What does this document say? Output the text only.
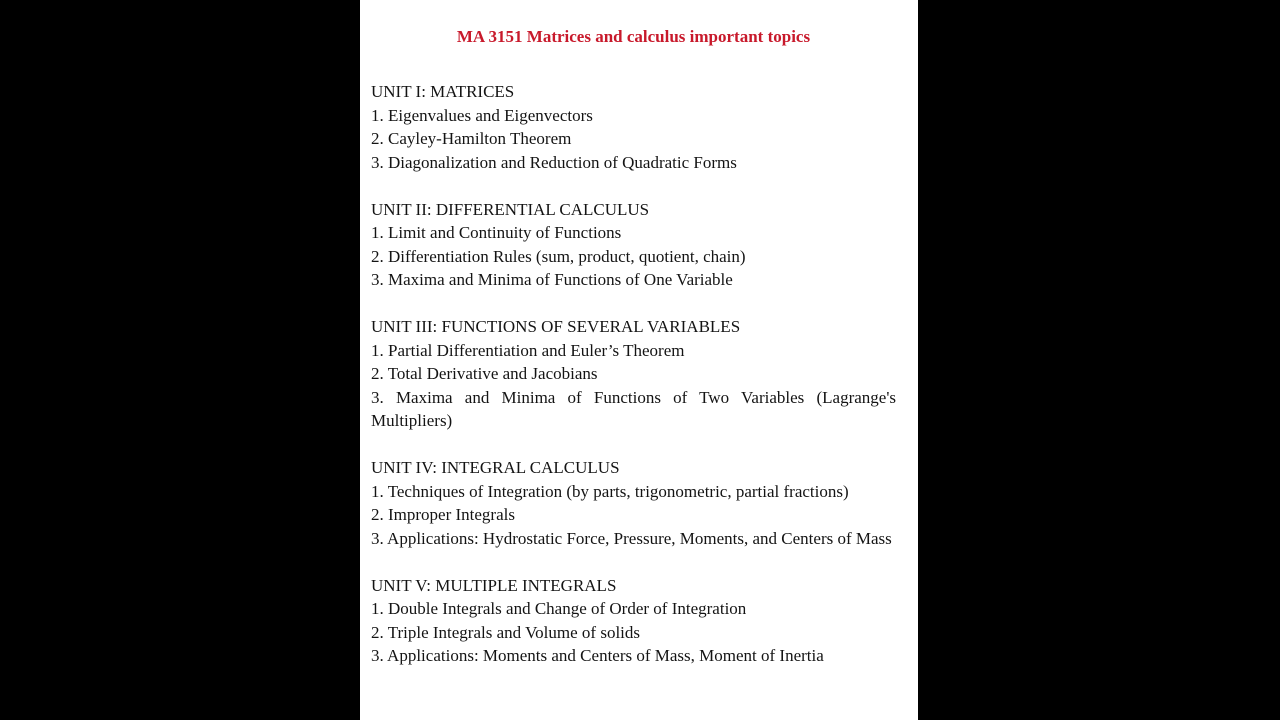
MA 3151 Matrices and calculus important topics
UNIT I: MATRICES
1. Eigenvalues and Eigenvectors
2. Cayley-Hamilton Theorem
3. Diagonalization and Reduction of Quadratic Forms
UNIT II: DIFFERENTIAL CALCULUS
1. Limit and Continuity of Functions
2. Differentiation Rules (sum, product, quotient, chain)
3. Maxima and Minima of Functions of One Variable
UNIT III: FUNCTIONS OF SEVERAL VARIABLES
1. Partial Differentiation and Euler’s Theorem
2. Total Derivative and Jacobians
3. Maxima and Minima of Functions of Two Variables (Lagrange's Multipliers)
UNIT IV: INTEGRAL CALCULUS
1. Techniques of Integration (by parts, trigonometric, partial fractions)
2. Improper Integrals
3. Applications: Hydrostatic Force, Pressure, Moments, and Centers of Mass
UNIT V: MULTIPLE INTEGRALS
1. Double Integrals and Change of Order of Integration
2. Triple Integrals and Volume of solids
3. Applications: Moments and Centers of Mass, Moment of Inertia
